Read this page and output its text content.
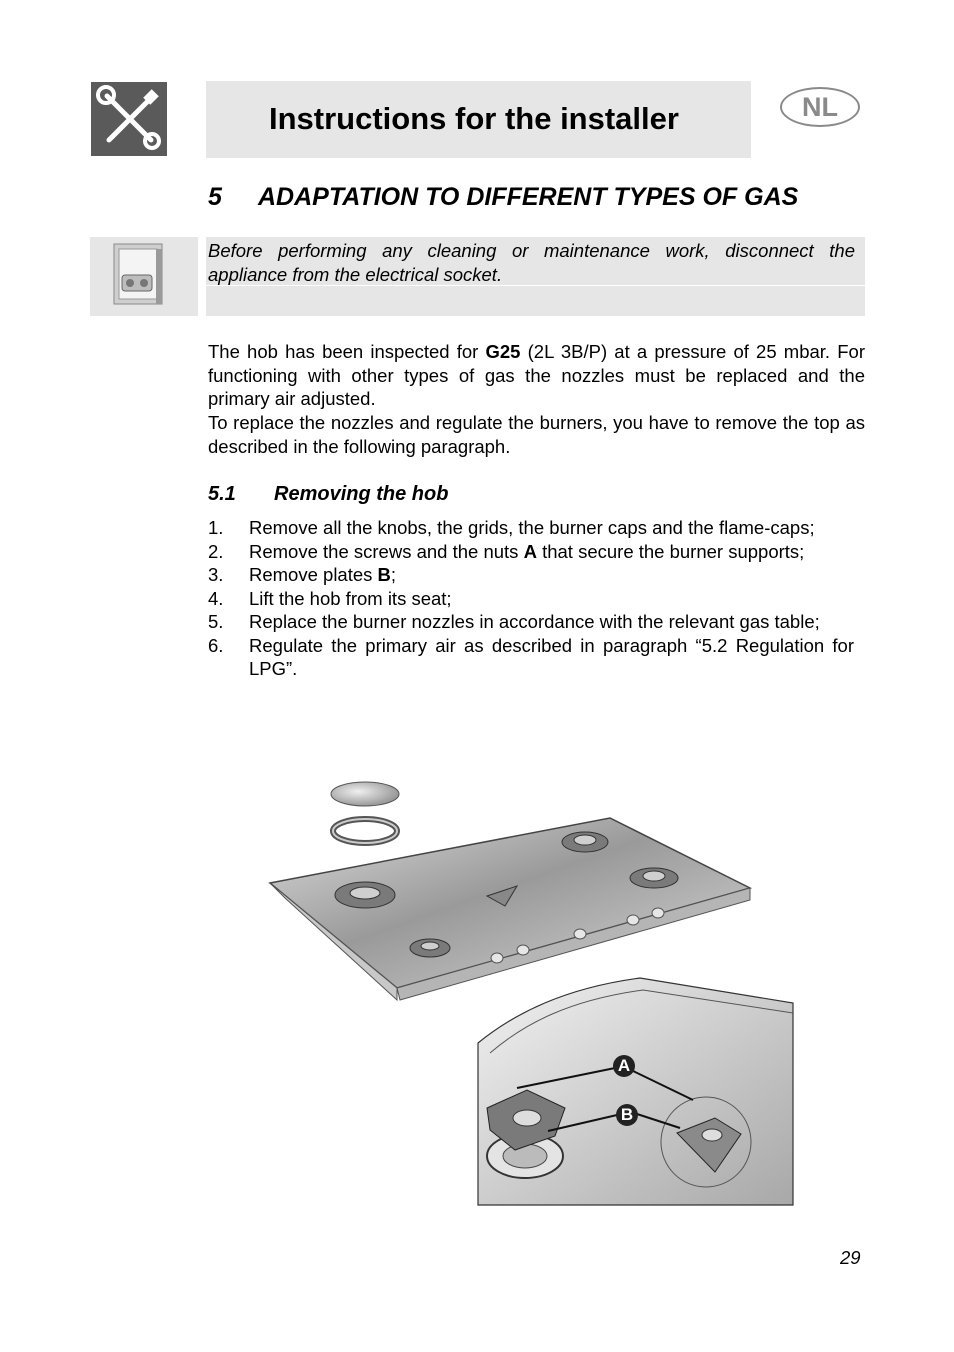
Instructions for the installer	NL
5 ADAPTATION TO DIFFERENT TYPES OF GAS
Before performing any cleaning or maintenance work, disconnect the appliance from the electrical socket.
The hob has been inspected for G25 (2L 3B/P) at a pressure of 25 mbar. For functioning with other types of gas the nozzles must be replaced and the primary air adjusted.
To replace the nozzles and regulate the burners, you have to remove the top as described in the following paragraph.
5.1 Removing the hob
1.	Remove all the knobs, the grids, the burner caps and the flame-caps;
2.	Remove the screws and the nuts A that secure the burner supports;
3.	Remove plates B;
4.	Lift the hob from its seat;
5.	Replace the burner nozzles in accordance with the relevant gas table;
6.	Regulate the primary air as described in paragraph “5.2 Regulation for LPG”.
A
B
29
